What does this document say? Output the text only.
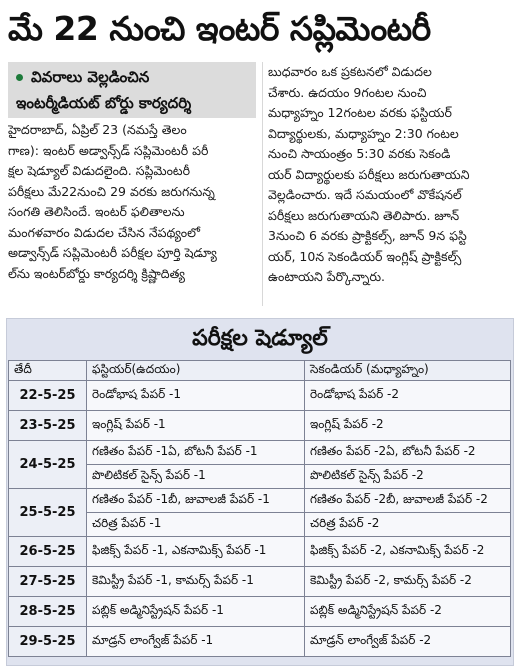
మే 22 నుంచి ఇంటర్ సప్లిమెంటరీ
వివరాలు వెల్లడించిన
ఇంటర్మీడియట్ బోర్డు కార్యదర్శి
హైదరాబాద్, ఏప్రిల్ 23 (నమస్తే తెలం
గాణ): ఇంటర్ అడ్వాన్స్‌డ్ సప్లిమెంటరీ పరీ
క్షల షెడ్యూల్ విడుదలైంది. సప్లిమెంటరీ
పరీక్షలు మే22నుంచి 29 వరకు జరుగనున్న
సంగతి తెలిసిందే. ఇంటర్ ఫలితాలను
మంగళవారం విడుదల చేసిన నేపథ్యంలో
అడ్వాన్స్‌డ్ సప్లిమెంటరీ పరీక్షల పూర్తి షెడ్యూ
ల్‌ను ఇంటర్‌బోర్డు కార్యదర్శి క్రిష్ణాదిత్య
బుధవారం ఒక ప్రకటనలో విడుదల
చేశారు. ఉదయం 9గంటల నుంచి
మధ్యాహ్నం 12గంటల వరకు ఫస్టియర్
విద్యార్థులకు, మధ్యాహ్నం 2:30 గంటల
నుంచి సాయంత్రం 5:30 వరకు సెకండి
యర్ విద్యార్థులకు పరీక్షలు జరుగుతాయని
వెల్లడించారు. ఇదే సమయంలో వొకేషనల్
పరీక్షలు జరుగుతాయని తెలిపారు. జూన్
3నుంచి 6 వరకు ప్రాక్టికల్స్, జూన్ 9న ఫస్టి
యర్, 10న సెకండియర్ ఇంగ్లిష్ ప్రాక్టికల్స్
ఉంటాయని పేర్కొన్నారు.
పరీక్షల షెడ్యూల్
తేదీ	ఫస్టియర్(ఉదయం)	సెకండియర్ (మధ్యాహ్నం)
22-5-25	రెండోభాష పేపర్ -1	రెండోభాష పేపర్ -2
23-5-25	ఇంగ్లిష్ పేపర్ -1	ఇంగ్లిష్ పేపర్ -2
24-5-25	గణితం పేపర్ -1ఏ, బోటనీ పేపర్ -1	గణితం పేపర్ -2ఏ, బోటనీ పేపర్ -2
	పొలిటికల్ సైన్స్ పేపర్ -1	పొలిటికల్ సైన్స్ పేపర్ -2
25-5-25	గణితం పేపర్ -1బీ, జువాలజీ పేపర్ -1	గణితం పేపర్ -2బీ, జువాలజీ పేపర్ -2
	చరిత్ర పేపర్ -1	చరిత్ర పేపర్ -2
26-5-25	ఫిజిక్స్ పేపర్ -1, ఎకనామిక్స్ పేపర్ -1	ఫిజిక్స్ పేపర్ -2, ఎకనామిక్స్ పేపర్ -2
27-5-25	కెమిస్ట్రీ పేపర్ -1, కామర్స్ పేపర్ -1	కెమిస్ట్రీ పేపర్ -2, కామర్స్ పేపర్ -2
28-5-25	పబ్లిక్ అడ్మినిస్ట్రేషన్ పేపర్ -1	పబ్లిక్ అడ్మినిస్ట్రేషన్ పేపర్ -2
29-5-25	మాడ్రన్ లాంగ్వేజ్ పేపర్ -1	మాడ్రన్ లాంగ్వేజ్ పేపర్ -2
